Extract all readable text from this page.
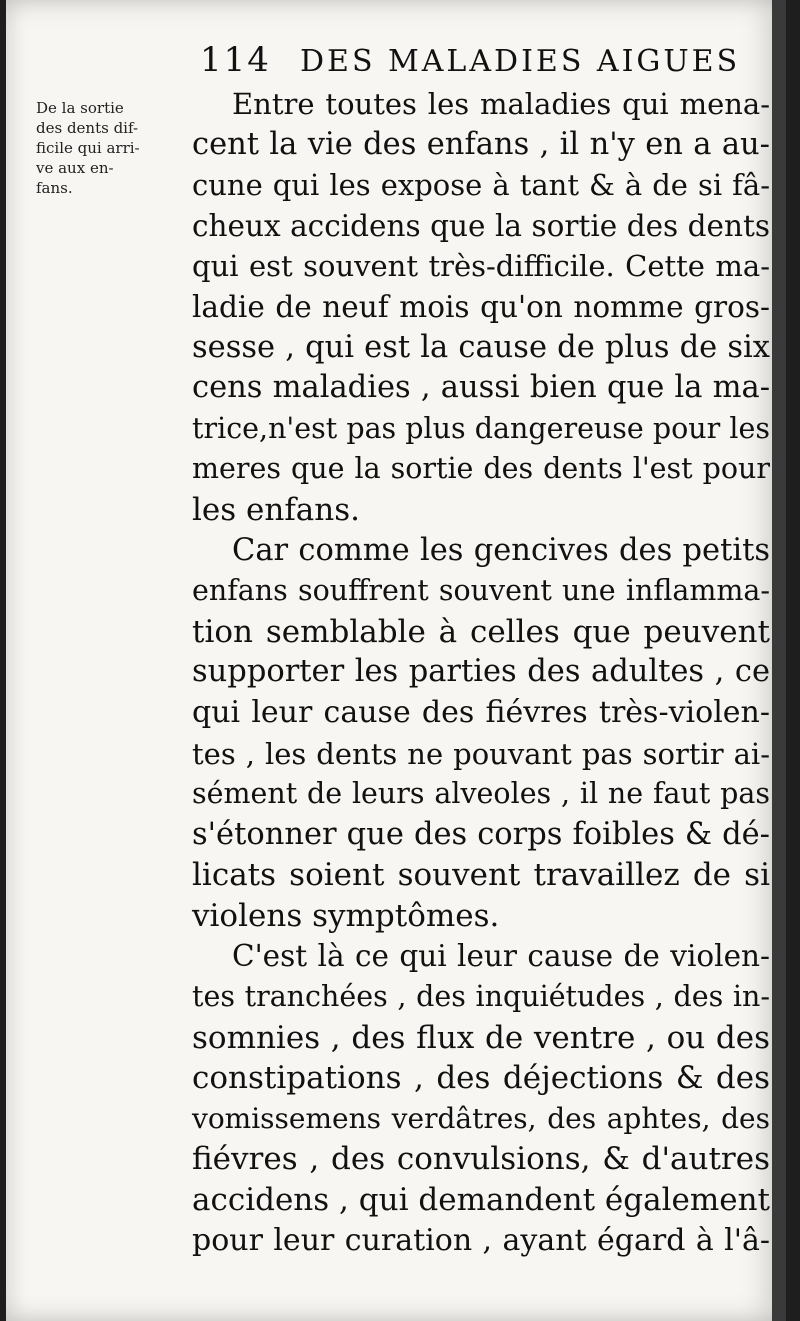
114 DES MALADIES AIGUES
De la sortie
des dents dif-
ficile qui arri-
ve aux en-
fans.
Entre toutes les maladies qui mena-
cent la vie des enfans , il n'y en a au-
cune qui les expose à tant & à de si fâ-
cheux accidens que la sortie des dents
qui est souvent très-difficile. Cette ma-
ladie de neuf mois qu'on nomme gros-
sesse , qui est la cause de plus de six
cens maladies , aussi bien que la ma-
trice,n'est pas plus dangereuse pour les
meres que la sortie des dents l'est pour
les enfans.
Car comme les gencives des petits
enfans souffrent souvent une inflamma-
tion semblable à celles que peuvent
supporter les parties des adultes , ce
qui leur cause des fiévres très-violen-
tes , les dents ne pouvant pas sortir ai-
sément de leurs alveoles , il ne faut pas
s'étonner que des corps foibles & dé-
licats soient souvent travaillez de si
violens symptômes.
C'est là ce qui leur cause de violen-
tes tranchées , des inquiétudes , des in-
somnies , des flux de ventre , ou des
constipations , des déjections & des
vomissemens verdâtres, des aphtes, des
fiévres , des convulsions, & d'autres
accidens , qui demandent également
pour leur curation , ayant égard à l'â-
